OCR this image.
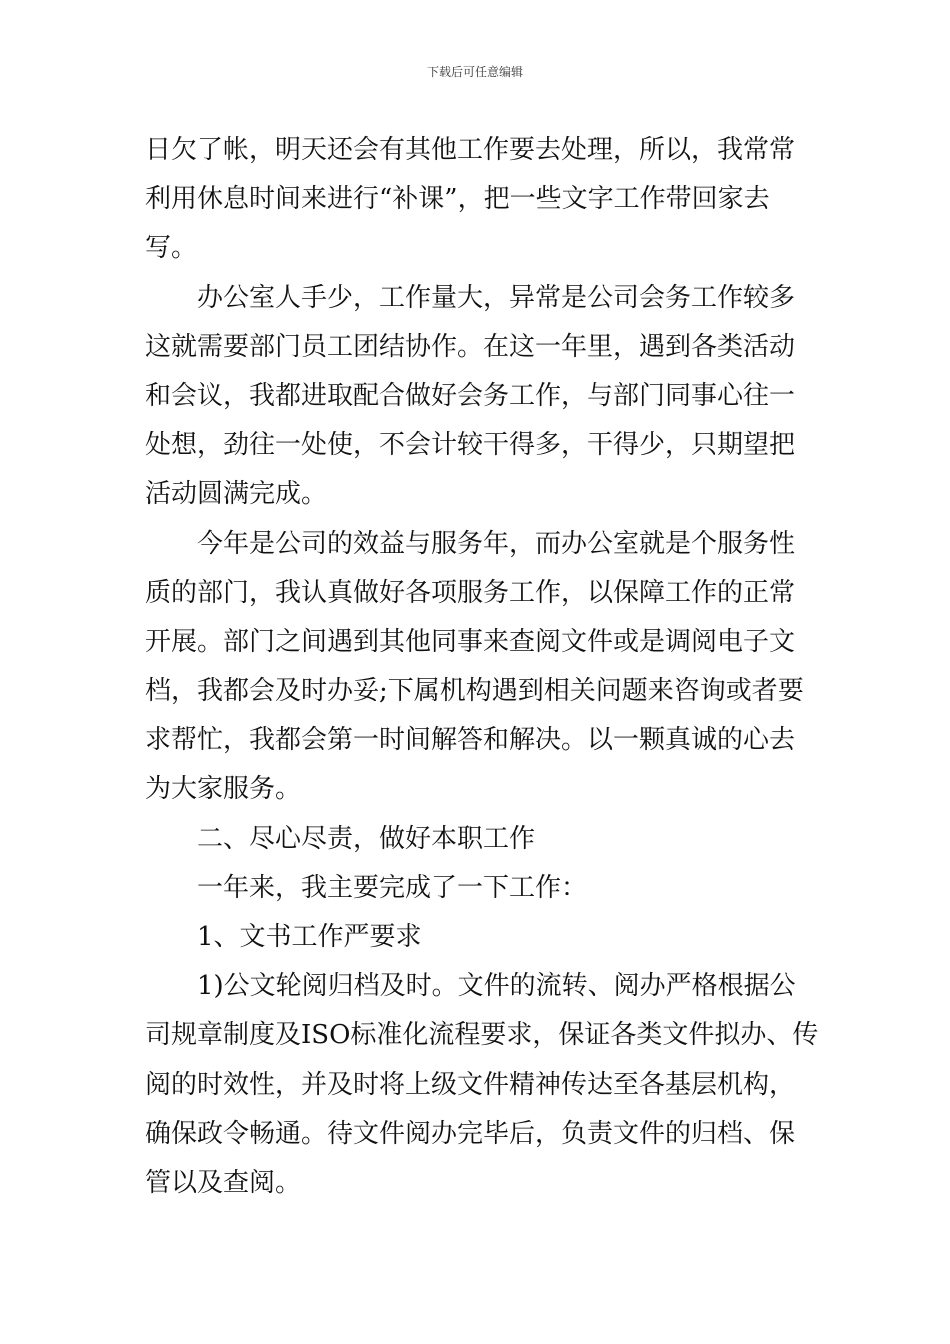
下载后可任意编辑
日欠了帐，明天还会有其他工作要去处理，所以，我常常
利用休息时间来进行“补课”，把一些文字工作带回家去
写。
办公室人手少，工作量大，异常是公司会务工作较多
这就需要部门员工团结协作。在这一年里，遇到各类活动
和会议，我都进取配合做好会务工作，与部门同事心往一
处想，劲往一处使，不会计较干得多，干得少，只期望把
活动圆满完成。
今年是公司的效益与服务年，而办公室就是个服务性
质的部门，我认真做好各项服务工作，以保障工作的正常
开展。部门之间遇到其他同事来查阅文件或是调阅电子文
档，我都会及时办妥;下属机构遇到相关问题来咨询或者要
求帮忙，我都会第一时间解答和解决。以一颗真诚的心去
为大家服务。
二、尽心尽责，做好本职工作
一年来，我主要完成了一下工作：
1、文书工作严要求
1)公文轮阅归档及时。文件的流转、阅办严格根据公
司规章制度及ISO标准化流程要求，保证各类文件拟办、传
阅的时效性，并及时将上级文件精神传达至各基层机构，
确保政令畅通。待文件阅办完毕后，负责文件的归档、保
管以及查阅。
